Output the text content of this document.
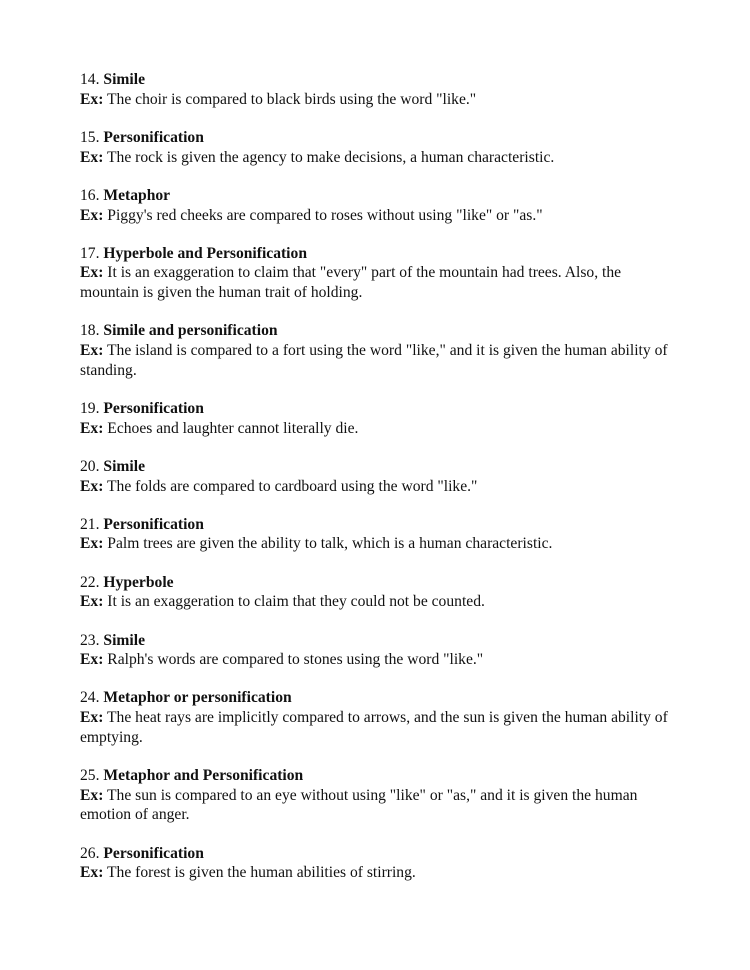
14. Simile
Ex: The choir is compared to black birds using the word "like."
15. Personification
Ex: The rock is given the agency to make decisions, a human characteristic.
16. Metaphor
Ex: Piggy's red cheeks are compared to roses without using "like" or "as."
17. Hyperbole and Personification
Ex: It is an exaggeration to claim that "every" part of the mountain had trees. Also, the mountain is given the human trait of holding.
18. Simile and personification
Ex: The island is compared to a fort using the word "like," and it is given the human ability of standing.
19. Personification
Ex: Echoes and laughter cannot literally die.
20. Simile
Ex: The folds are compared to cardboard using the word "like."
21. Personification
Ex: Palm trees are given the ability to talk, which is a human characteristic.
22. Hyperbole
Ex: It is an exaggeration to claim that they could not be counted.
23. Simile
Ex: Ralph's words are compared to stones using the word "like."
24. Metaphor or personification
Ex: The heat rays are implicitly compared to arrows, and the sun is given the human ability of emptying.
25. Metaphor and Personification
Ex: The sun is compared to an eye without using "like" or "as," and it is given the human emotion of anger.
26. Personification
Ex: The forest is given the human abilities of stirring.
